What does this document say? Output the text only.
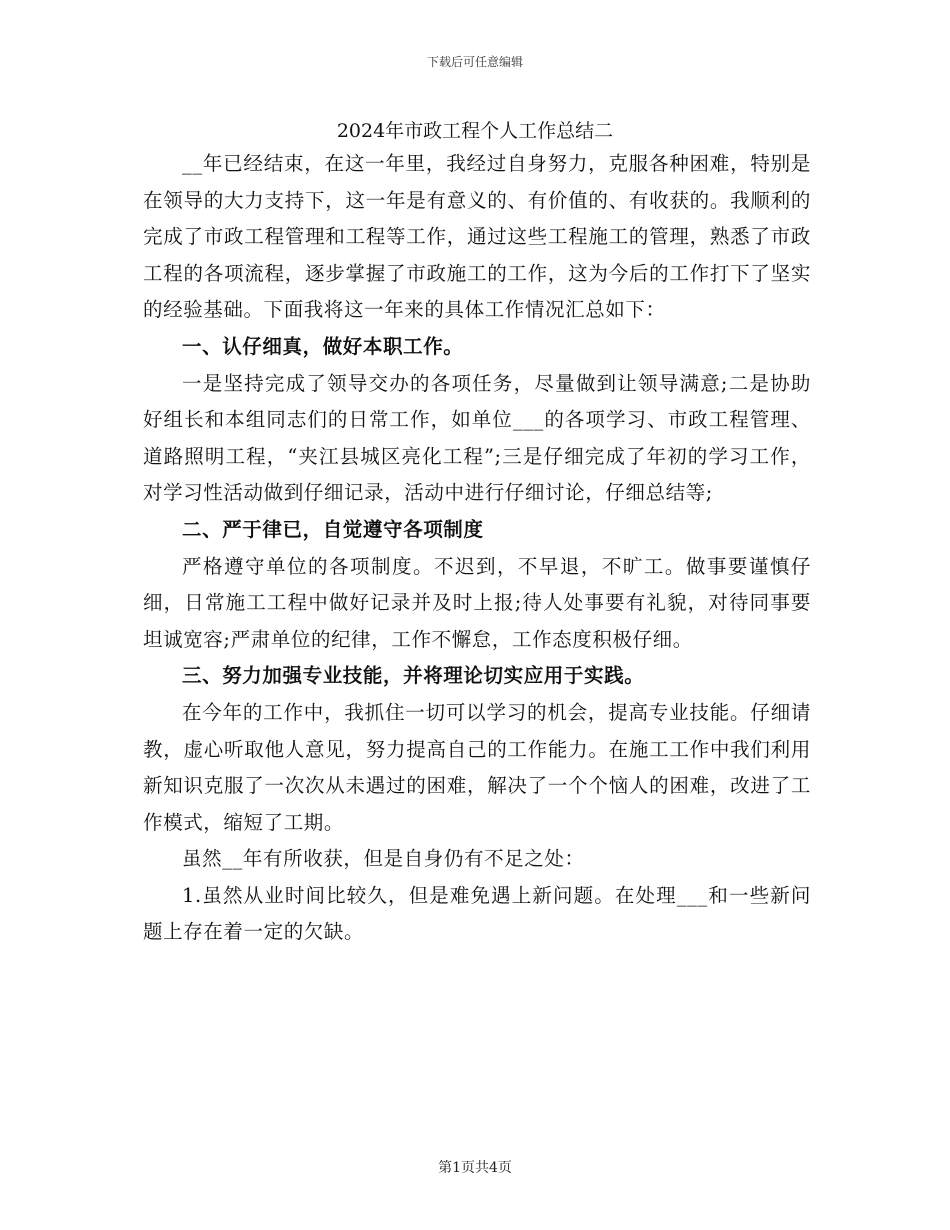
下载后可任意编辑
2024年市政工程个人工作总结二

__年已经结束，在这一年里，我经过自身努力，克服各种困难，特别是在领导的大力支持下，这一年是有意义的、有价值的、有收获的。我顺利的完成了市政工程管理和工程等工作，通过这些工程施工的管理，熟悉了市政工程的各项流程，逐步掌握了市政施工的工作，这为今后的工作打下了坚实的经验基础。下面我将这一年来的具体工作情况汇总如下：

一、认仔细真，做好本职工作。

一是坚持完成了领导交办的各项任务，尽量做到让领导满意;二是协助好组长和本组同志们的日常工作，如单位___的各项学习、市政工程管理、道路照明工程，“夹江县城区亮化工程”;三是仔细完成了年初的学习工作，对学习性活动做到仔细记录，活动中进行仔细讨论，仔细总结等;

二、严于律已，自觉遵守各项制度

严格遵守单位的各项制度。不迟到，不早退，不旷工。做事要谨慎仔细，日常施工工程中做好记录并及时上报;待人处事要有礼貌，对待同事要坦诚宽容;严肃单位的纪律，工作不懈怠，工作态度积极仔细。

三、努力加强专业技能，并将理论切实应用于实践。

在今年的工作中，我抓住一切可以学习的机会，提高专业技能。仔细请教，虚心听取他人意见，努力提高自己的工作能力。在施工工作中我们利用新知识克服了一次次从未遇过的困难，解决了一个个恼人的困难，改进了工作模式，缩短了工期。

虽然__年有所收获，但是自身仍有不足之处：

1.虽然从业时间比较久，但是难免遇上新问题。在处理___和一些新问题上存在着一定的欠缺。

第1页共4页
